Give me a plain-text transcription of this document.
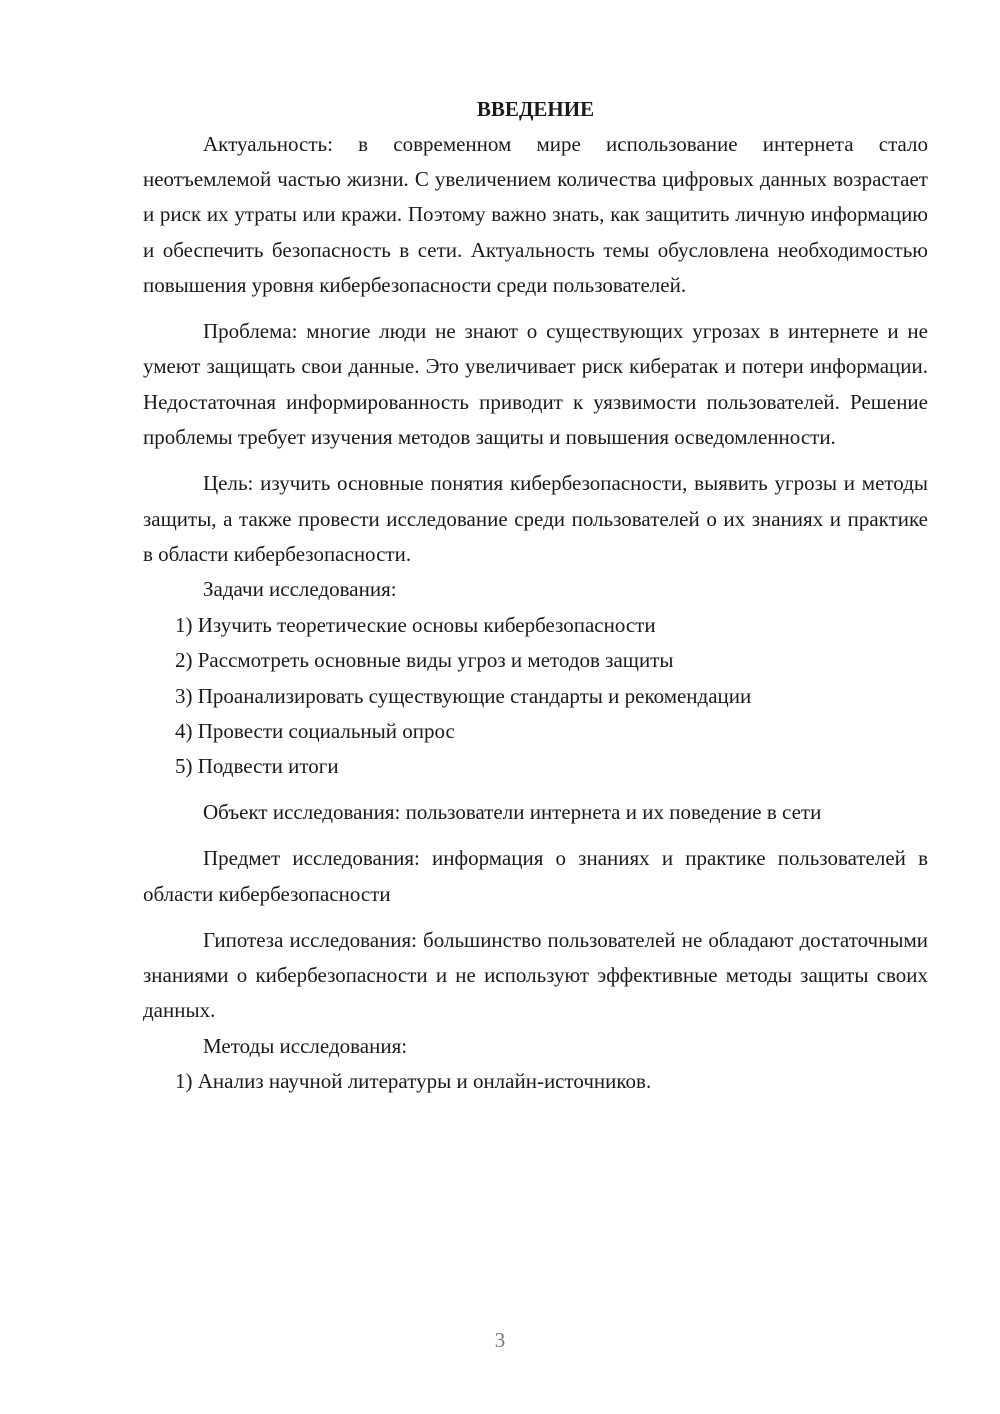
ВВЕДЕНИЕ

Актуальность: в современном мире использование интернета стало неотъемлемой частью жизни. С увеличением количества цифровых данных возрастает и риск их утраты или кражи. Поэтому важно знать, как защитить личную информацию и обеспечить безопасность в сети. Актуальность темы обусловлена необходимостью повышения уровня кибербезопасности среди пользователей.

Проблема: многие люди не знают о существующих угрозах в интернете и не умеют защищать свои данные. Это увеличивает риск кибератак и потери информации. Недостаточная информированность приводит к уязвимости пользователей. Решение проблемы требует изучения методов защиты и повышения осведомленности.

Цель: изучить основные понятия кибербезопасности, выявить угрозы и методы защиты, а также провести исследование среди пользователей о их знаниях и практике в области кибербезопасности.

Задачи исследования:

1) Изучить теоретические основы кибербезопасности

2) Рассмотреть основные виды угроз и методов защиты

3) Проанализировать существующие стандарты и рекомендации

4) Провести социальный опрос

5) Подвести итоги

Объект исследования: пользователи интернета и их поведение в сети

Предмет исследования: информация о знаниях и практике пользователей в области кибербезопасности

Гипотеза исследования: большинство пользователей не обладают достаточными знаниями о кибербезопасности и не используют эффективные методы защиты своих данных.

Методы исследования:

1) Анализ научной литературы и онлайн-источников.

3
